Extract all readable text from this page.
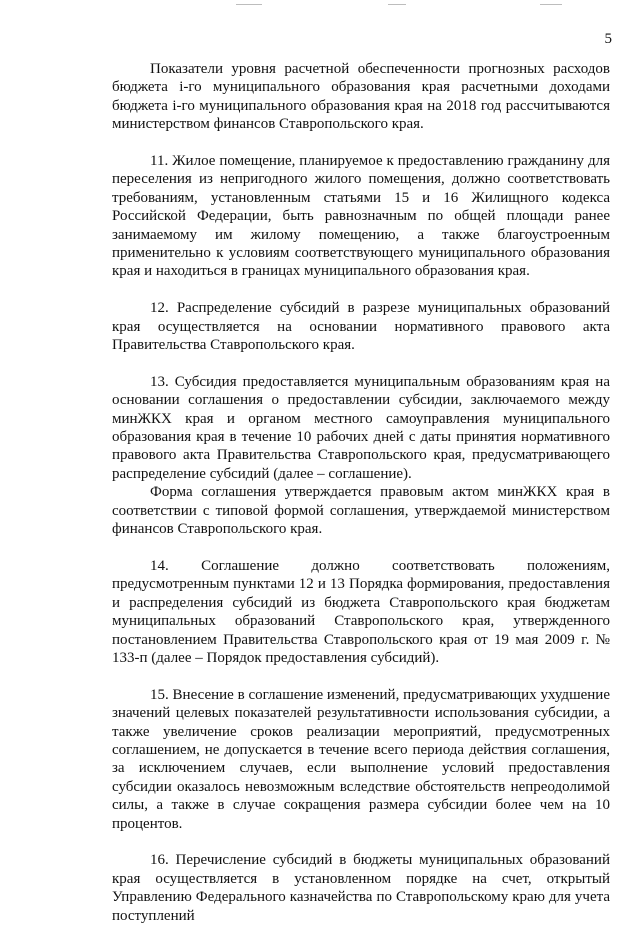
5

Показатели уровня расчетной обеспеченности прогнозных расходов бюджета i-го муниципального образования края расчетными доходами бюджета i-го муниципального образования края на 2018 год рассчитываются министерством финансов Ставропольского края.

11. Жилое помещение, планируемое к предоставлению гражданину для переселения из непригодного жилого помещения, должно соответствовать требованиям, установленным статьями 15 и 16 Жилищного кодекса Российской Федерации, быть равнозначным по общей площади ранее занимаемому им жилому помещению, а также благоустроенным применительно к условиям соответствующего муниципального образования края и находиться в границах муниципального образования края.

12. Распределение субсидий в разрезе муниципальных образований края осуществляется на основании нормативного правового акта Правительства Ставропольского края.

13. Субсидия предоставляется муниципальным образованиям края на основании соглашения о предоставлении субсидии, заключаемого между минЖКХ края и органом местного самоуправления муниципального образования края в течение 10 рабочих дней с даты принятия нормативного правового акта Правительства Ставропольского края, предусматривающего распределение субсидий (далее – соглашение).

Форма соглашения утверждается правовым актом минЖКХ края в соответствии с типовой формой соглашения, утверждаемой министерством финансов Ставропольского края.

14. Соглашение должно соответствовать положениям, предусмотренным пунктами 12 и 13 Порядка формирования, предоставления и распределения субсидий из бюджета Ставропольского края бюджетам муниципальных образований Ставропольского края, утвержденного постановлением Правительства Ставропольского края от 19 мая 2009 г. № 133-п (далее – Порядок предоставления субсидий).

15. Внесение в соглашение изменений, предусматривающих ухудшение значений целевых показателей результативности использования субсидии, а также увеличение сроков реализации мероприятий, предусмотренных соглашением, не допускается в течение всего периода действия соглашения, за исключением случаев, если выполнение условий предоставления субсидии оказалось невозможным вследствие обстоятельств непреодолимой силы, а также в случае сокращения размера субсидии более чем на 10 процентов.

16. Перечисление субсидий в бюджеты муниципальных образований края осуществляется в установленном порядке на счет, открытый Управлению Федерального казначейства по Ставропольскому краю для учета поступлений
